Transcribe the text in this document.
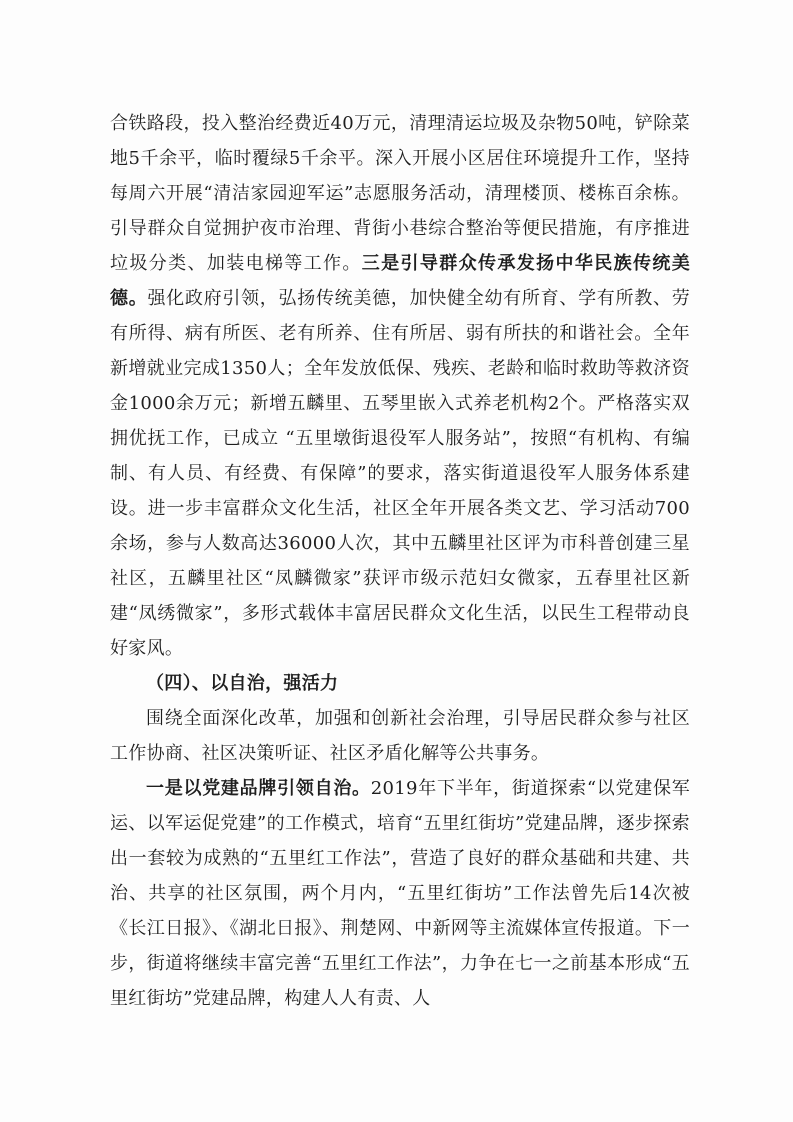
合铁路段，投入整治经费近40万元，清理清运垃圾及杂物50吨，铲除菜地5千余平，临时覆绿5千余平。深入开展小区居住环境提升工作，坚持每周六开展“清洁家园迎军运”志愿服务活动，清理楼顶、楼栋百余栋。引导群众自觉拥护夜市治理、背街小巷综合整治等便民措施，有序推进垃圾分类、加装电梯等工作。三是引导群众传承发扬中华民族传统美德。强化政府引领，弘扬传统美德，加快健全幼有所育、学有所教、劳有所得、病有所医、老有所养、住有所居、弱有所扶的和谐社会。全年新增就业完成1350人；全年发放低保、残疾、老龄和临时救助等救济资金1000余万元；新增五麟里、五琴里嵌入式养老机构2个。严格落实双拥优抚工作，已成立 “五里墩街退役军人服务站”，按照“有机构、有编制、有人员、有经费、有保障”的要求，落实街道退役军人服务体系建设。进一步丰富群众文化生活，社区全年开展各类文艺、学习活动700余场，参与人数高达36000人次，其中五麟里社区评为市科普创建三星社区，五麟里社区“凤麟微家”获评市级示范妇女微家，五春里社区新建“凤绣微家”，多形式载体丰富居民群众文化生活，以民生工程带动良好家风。

（四）、以自治，强活力

围绕全面深化改革，加强和创新社会治理，引导居民群众参与社区工作协商、社区决策听证、社区矛盾化解等公共事务。

一是以党建品牌引领自治。2019年下半年，街道探索“以党建保军运、以军运促党建”的工作模式，培育“五里红街坊”党建品牌，逐步探索出一套较为成熟的“五里红工作法”，营造了良好的群众基础和共建、共治、共享的社区氛围，两个月内，“五里红街坊”工作法曾先后14次被《长江日报》、《湖北日报》、荆楚网、中新网等主流媒体宣传报道。下一步，街道将继续丰富完善“五里红工作法”，力争在七一之前基本形成“五里红街坊”党建品牌，构建人人有责、人
